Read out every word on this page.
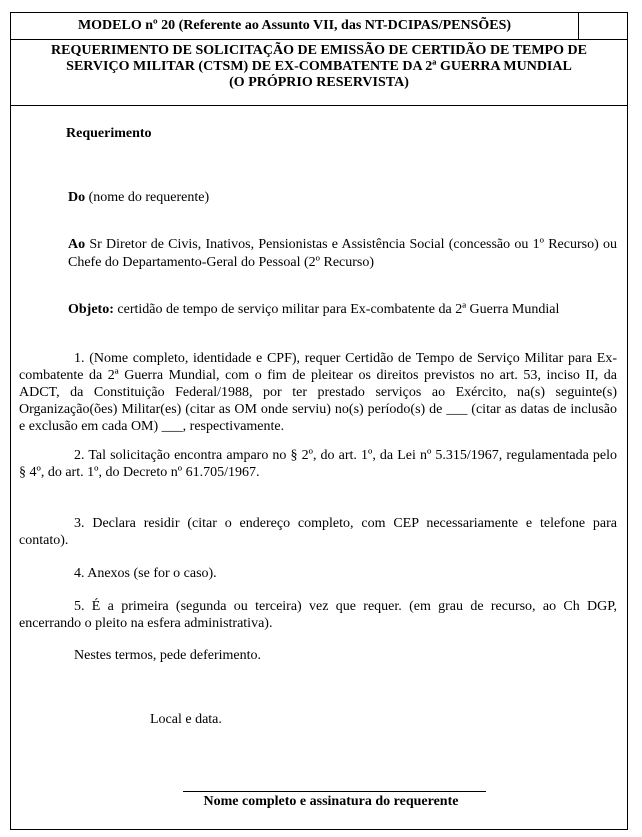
MODELO nº 20 (Referente ao Assunto VII, das NT-DCIPAS/PENSÕES)
REQUERIMENTO DE SOLICITAÇÃO DE EMISSÃO DE CERTIDÃO DE TEMPO DE
SERVIÇO MILITAR (CTSM) DE EX-COMBATENTE DA 2ª GUERRA MUNDIAL
(O PRÓPRIO RESERVISTA)
Requerimento
Do (nome do requerente)
Ao Sr Diretor de Civis, Inativos, Pensionistas e Assistência Social (concessão ou 1º Recurso) ou Chefe do Departamento-Geral do Pessoal (2º Recurso)
Objeto: certidão de tempo de serviço militar para Ex-combatente da 2ª Guerra Mundial
1. (Nome completo, identidade e CPF), requer Certidão de Tempo de Serviço Militar para Ex-combatente da 2ª Guerra Mundial, com o fim de pleitear os direitos previstos no art. 53, inciso II, da ADCT, da Constituição Federal/1988, por ter prestado serviços ao Exército, na(s) seguinte(s) Organização(ões) Militar(es) (citar as OM onde serviu) no(s) período(s) de ___ (citar as datas de inclusão e exclusão em cada OM) ___, respectivamente.
2. Tal solicitação encontra amparo no § 2º, do art. 1º, da Lei nº 5.315/1967, regulamentada pelo § 4º, do art. 1º, do Decreto nº 61.705/1967.
3. Declara residir (citar o endereço completo, com CEP necessariamente e telefone para contato).
4. Anexos (se for o caso).
5. É a primeira (segunda ou terceira) vez que requer. (em grau de recurso, ao Ch DGP, encerrando o pleito na esfera administrativa).
Nestes termos, pede deferimento.
Local e data.
Nome completo e assinatura do requerente
